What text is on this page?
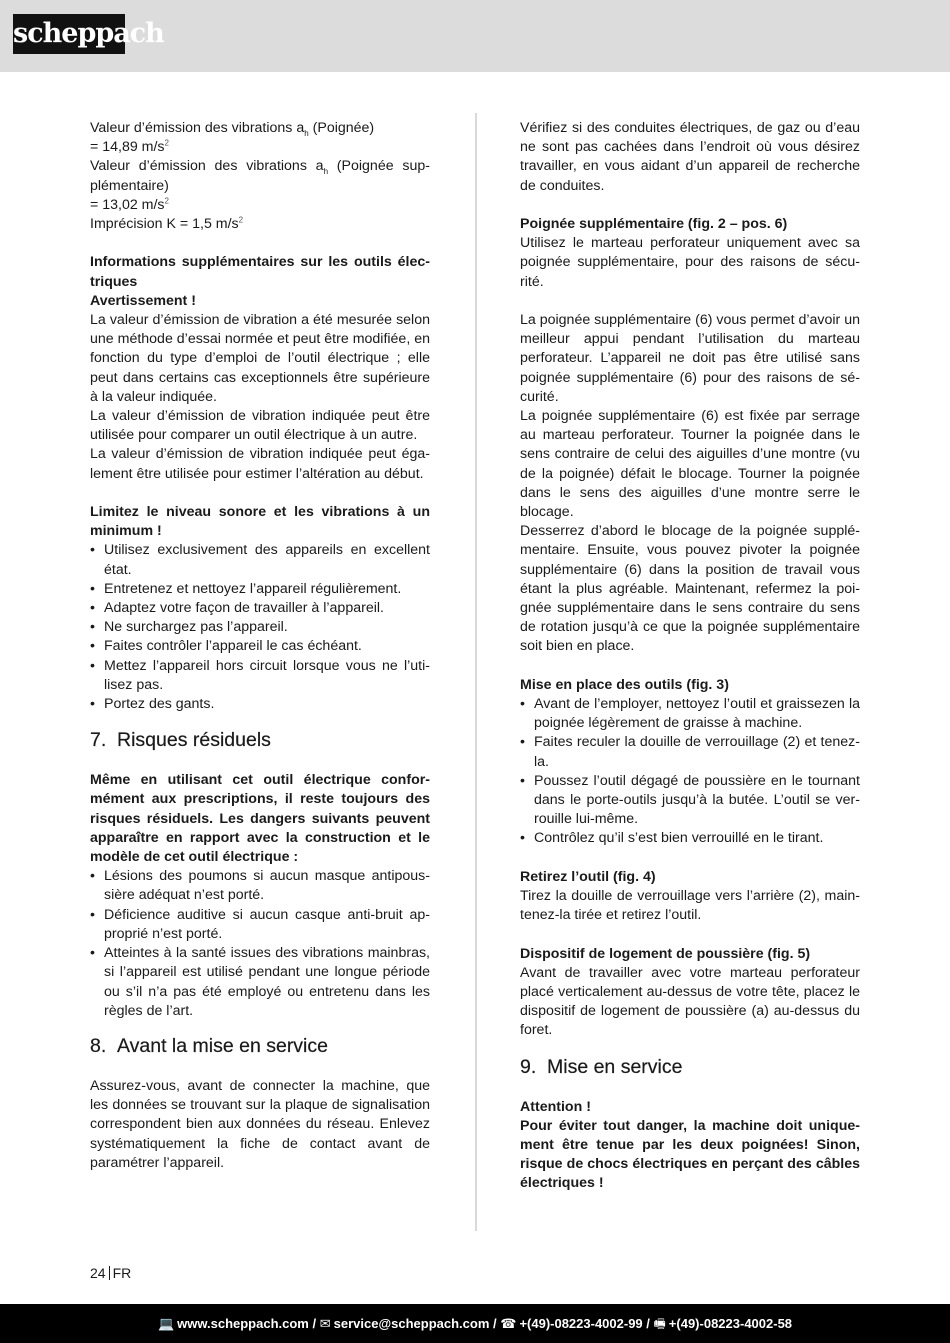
scheppach

Valeur d’émission des vibrations $a_h$ (Poignée)
= 14,89 $m/s^2$

Valeur d’émission des vibrations $a_h$ (Poignée supplémentaire)
= 13,02 $m/s^2$

Imprécision K = 1,5 $m/s^2$

Informations supplémentaires sur les outils électriques

Avertissement !

La valeur d’émission de vibration a été mesurée selon une méthode d’essai normée et peut être modifiée, en fonction du type d’emploi de l’outil électrique ; elle peut dans certains cas exceptionnels être supérieure à la valeur indiquée.

La valeur d’émission de vibration indiquée peut être utilisée pour comparer un outil électrique à un autre.

La valeur d’émission de vibration indiquée peut également être utilisée pour estimer l’altération au début.

Limitez le niveau sonore et les vibrations à un minimum !

• Utilisez exclusivement des appareils en excellent état.
• Entretenez et nettoyez l’appareil régulièrement.
• Adaptez votre façon de travailler à l’appareil.
• Ne surchargez pas l’appareil.
• Faites contrôler l’appareil le cas échéant.
• Mettez l’appareil hors circuit lorsque vous ne l’utilisez pas.
• Portez des gants.
7. Risques résiduels

Même en utilisant cet outil électrique conformément aux prescriptions, il reste toujours des risques résiduels. Les dangers suivants peuvent apparaître en rapport avec la construction et le modèle de cet outil électrique :

• Lésions des poumons si aucun masque antipoussière adéquat n’est porté.
• Déficience auditive si aucun casque anti-bruit approprié n’est porté.
• Atteintes à la santé issues des vibrations mainbras, si l’appareil est utilisé pendant une longue période ou s’il n’a pas été employé ou entretenu dans les règles de l’art.
8. Avant la mise en service

Assurez-vous, avant de connecter la machine, que les données se trouvant sur la plaque de signalisation correspondent bien aux données du réseau. Enlevez systématiquement la fiche de contact avant de paramétrer l’appareil.

Vérifiez si des conduites électriques, de gaz ou d’eau ne sont pas cachées dans l’endroit où vous désirez travailler, en vous aidant d’un appareil de recherche de conduites.

Poignée supplémentaire (fig. 2 – pos. 6)

Utilisez le marteau perforateur uniquement avec sa poignée supplémentaire, pour des raisons de sécurité.

La poignée supplémentaire (6) vous permet d’avoir un meilleur appui pendant l’utilisation du marteau perforateur. L’appareil ne doit pas être utilisé sans poignée supplémentaire (6) pour des raisons de sécurité.

La poignée supplémentaire (6) est fixée par serrage au marteau perforateur. Tourner la poignée dans le sens contraire de celui des aiguilles d’une montre (vu de la poignée) défait le blocage. Tourner la poignée dans le sens des aiguilles d’une montre serre le blocage.

Desserrez d’abord le blocage de la poignée supplémentaire. Ensuite, vous pouvez pivoter la poignée supplémentaire (6) dans la position de travail vous étant la plus agréable. Maintenant, refermez la poignée supplémentaire dans le sens contraire du sens de rotation jusqu’à ce que la poignée supplémentaire soit bien en place.

Mise en place des outils (fig. 3)

• Avant de l’employer, nettoyez l’outil et graissezen la poignée légèrement de graisse à machine.
• Faites reculer la douille de verrouillage (2) et tenez-la.
• Poussez l’outil dégagé de poussière en le tournant dans le porte-outils jusqu’à la butée. L’outil se verrouille lui-même.
• Contrôlez qu’il s’est bien verrouillé en le tirant.

Retirez l’outil (fig. 4)

Tirez la douille de verrouillage vers l’arrière (2), maintenez-la tirée et retirez l’outil.

Dispositif de logement de poussière (fig. 5)

Avant de travailler avec votre marteau perforateur placé verticalement au-dessus de votre tête, placez le dispositif de logement de poussière (a) au-dessus du foret.

9. Mise en service

Attention !

Pour éviter tout danger, la machine doit uniquement être tenue par les deux poignées! Sinon, risque de chocs électriques en perçant des câbles électriques !

24 FR
💻 www.scheppach.com / ✉ service@scheppach.com / ☎ +(49)-08223-4002-99 / 🖷 +(49)-08223-4002-58
